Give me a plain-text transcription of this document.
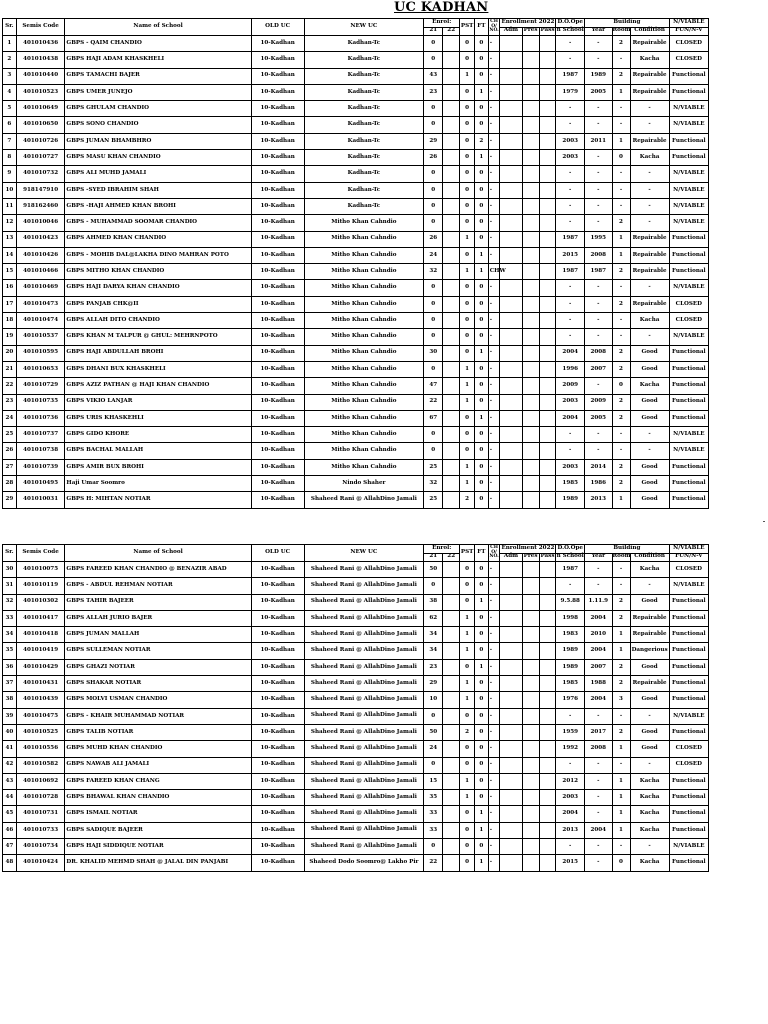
UC KADHAN
Sr.	Semis Code	Name of School	OLD UC	NEW UC	Enrol:		PST	FT	CH O/ NO.	Enrollment 2022			D.O.Ope	Building			N/VIABLE
					21	22				Adm	Pres	Pass	n School	Year	Room	Condition	FUN/N-V
1	401010436	GBPS - QAIM CHANDIO	10-Kadhan	Kadhan-Tc	0		0	0	-				-	-	2	Repairable	CLOSED
2	401010438	GBPS HAJI ADAM KHASKHELI	10-Kadhan	Kadhan-Tc	0		0	0	-				-	-	-	Kacha	CLOSED
3	401010440	GBPS TAMACHI BAJER	10-Kadhan	Kadhan-Tc	43		1	0	-				1987	1989	2	Repairable	Functional
4	401010523	GBPS UMER JUNEJO	10-Kadhan	Kadhan-Tc	23		0	1	-				1979	2005	1	Repairable	Functional
5	401010649	GBPS GHULAM CHANDIO	10-Kadhan	Kadhan-Tc	0		0	0	-				-	-	-	-	N/VIABLE
6	401010650	GBPS SONO CHANDIO	10-Kadhan	Kadhan-Tc	0		0	0	-				-	-	-	-	N/VIABLE
7	401010726	GBPS JUMAN BHAMBHRO	10-Kadhan	Kadhan-Tc	29		0	2	-				2003	2011	1	Repairable	Functional
8	401010727	GBPS MASU KHAN CHANDIO	10-Kadhan	Kadhan-Tc	26		0	1	-				2003	-	0	Kacha	Functional
9	401010732	GBPS ALI MUHD JAMALI	10-Kadhan	Kadhan-Tc	0		0	0	-				-	-	-	-	N/VIABLE
10	918147910	GBPS -SYED IBRAHIM SHAH	10-Kadhan	Kadhan-Tc	0		0	0	-				-	-	-	-	N/VIABLE
11	918162460	GBPS -HAJI AHMED KHAN BROHI	10-Kadhan	Kadhan-Tc	0		0	0	-				-	-	-	-	N/VIABLE
12	401010046	GBPS - MUHAMMAD SOOMAR CHANDIO	10-Kadhan	Mitho Khan Cahndio	0		0	0	-				-	-	2	-	N/VIABLE
13	401010423	GBPS AHMED KHAN CHANDIO	10-Kadhan	Mitho Khan Cahndio	26		1	0	-				1987	1995	1	Repairable	Functional
14	401010426	GBPS - MOHIB DAL@LAKHA DINO MAHRAN POTO	10-Kadhan	Mitho Khan Cahndio	24		0	1	-				2015	2008	1	Repairable	Functional
15	401010466	GBPS MITHO KHAN CHANDIO	10-Kadhan	Mitho Khan Cahndio	32		1	1	CHW				1987	1987	2	Repairable	Functional
16	401010469	GBPS HAJI DARYA KHAN CHANDIO	10-Kadhan	Mitho Khan Cahndio	0		0	0	-				-	-	-	-	N/VIABLE
17	401010473	GBPS PANJAB CHK@II	10-Kadhan	Mitho Khan Cahndio	0		0	0	-				-	-	2	Repairable	CLOSED
18	401010474	GBPS ALLAH DITO CHANDIO	10-Kadhan	Mitho Khan Cahndio	0		0	0	-				-	-	-	Kacha	CLOSED
19	401010537	GBPS KHAN M TALPUR @ GHUL: MEHRNPOTO	10-Kadhan	Mitho Khan Cahndio	0		0	0	-				-	-	-	-	N/VIABLE
20	401010595	GBPS HAJI ABDULLAH BROHI	10-Kadhan	Mitho Khan Cahndio	30		0	1	-				2004	2008	2	Good	Functional
21	401010653	GBPS DHANI BUX KHASKHELI	10-Kadhan	Mitho Khan Cahndio	0		1	0	-				1996	2007	2	Good	Functional
22	401010729	GBPS AZIZ PATHAN @ HAJI KHAN CHANDIO	10-Kadhan	Mitho Khan Cahndio	47		1	0	-				2009	-	0	Kacha	Functional
23	401010735	GBPS VIKIO LANJAR	10-Kadhan	Mitho Khan Cahndio	22		1	0	-				2003	2009	2	Good	Functional
24	401010736	GBPS URIS KHASKEHLI	10-Kadhan	Mitho Khan Cahndio	67		0	1	-				2004	2005	2	Good	Functional
25	401010737	GBPS GIDO KHORE	10-Kadhan	Mitho Khan Cahndio	0		0	0	-				-	-	-	-	N/VIABLE
26	401010738	GBPS BACHAL MALLAH	10-Kadhan	Mitho Khan Cahndio	0		0	0	-				-	-	-	-	N/VIABLE
27	401010739	GBPS AMIR BUX BROHI	10-Kadhan	Mitho Khan Cahndio	25		1	0	-				2003	2014	2	Good	Functional
28	401010495	Haji Umar Soomro	10-Kadhan	Nindo Shaher	32		1	0	-				1985	1986	2	Good	Functional
29	401010031	GBPS H: MIHTAN NOTIAR	10-Kadhan	Shaheed Rani @ AllahDino Jamali	25		2	0	-				1989	2013	1	Good	Functional
Sr.	Semis Code	Name of School	OLD UC	NEW UC	Enrol:		PST	FT	CH O/ NO.	Enrollment 2022			D.O.Ope	Building			N/VIABLE
					21	22				Adm	Pres	Pass	n School	Year	Room	Condition	FUN/N-V
30	401010075	GBPS FAREED KHAN CHANDIO @ BENAZIR ABAD	10-Kadhan	Shaheed Rani @ AllahDino Jamali	50		0	0	-				1987	-	-	Kacha	CLOSED
31	401010119	GBPS - ABDUL REHMAN NOTIAR	10-Kadhan	Shaheed Rani @ AllahDino Jamali	0		0	0	-				-	-	-	-	N/VIABLE
32	401010302	GBPS TAHIR BAJEER	10-Kadhan	Shaheed Rani @ AllahDino Jamali	38		0	1	-				9.5.88	1.11.9	2	Good	Functional
33	401010417	GBPS ALLAH JURIO BAJER	10-Kadhan	Shaheed Rani @ AllahDino Jamali	62		1	0	-				1998	2004	2	Repairable	Functional
34	401010418	GBPS JUMAN MALLAH	10-Kadhan	Shaheed Rani @ AllahDino Jamali	34		1	0	-				1983	2010	1	Repairable	Functional
35	401010419	GBPS SULLEMAN NOTIAR	10-Kadhan	Shaheed Rani @ AllahDino Jamali	34		1	0	-				1989	2004	1	Dangerious	Functional
36	401010429	GBPS GHAZI NOTIAR	10-Kadhan	Shaheed Rani @ AllahDino Jamali	23		0	1	-				1989	2007	2	Good	Functional
37	401010431	GBPS SHAKAR NOTIAR	10-Kadhan	Shaheed Rani @ AllahDino Jamali	29		1	0	-				1985	1988	2	Repairable	Functional
38	401010439	GBPS MOLVI USMAN CHANDIO	10-Kadhan	Shaheed Rani @ AllahDino Jamali	10		1	0	-				1976	2004	3	Good	Functional
39	401010475	GBPS - KHAIR MUHAMMAD NOTIAR	10-Kadhan	Shaheed Rani @ AllahDino Jamali	0		0	0	-				-	-	-	-	N/VIABLE
40	401010525	GBPS TALIB NOTIAR	10-Kadhan	Shaheed Rani @ AllahDino Jamali	50		2	0	-				1959	2017	2	Good	Functional
41	401010556	GBPS MUHD KHAN CHANDIO	10-Kadhan	Shaheed Rani @ AllahDino Jamali	24		0	0	-				1992	2008	1	Good	CLOSED
42	401010582	GBPS NAWAB ALI JAMALI	10-Kadhan	Shaheed Rani @ AllahDino Jamali	0		0	0	-				-	-	-	-	CLOSED
43	401010692	GBPS FAREED KHAN CHANG	10-Kadhan	Shaheed Rani @ AllahDino Jamali	15		1	0	-				2012	-	1	Kacha	Functional
44	401010728	GBPS BHAWAL KHAN CHANDIO	10-Kadhan	Shaheed Rani @ AllahDino Jamali	35		1	0	-				2003	-	1	Kacha	Functional
45	401010731	GBPS ISMAIL NOTIAR	10-Kadhan	Shaheed Rani @ AllahDino Jamali	33		0	1	-				2004	-	1	Kacha	Functional
46	401010733	GBPS SADIQUE BAJEER	10-Kadhan	Shaheed Rani @ AllahDino Jamali	33		0	1	-				2013	2004	1	Kacha	Functional
47	401010734	GBPS HAJI SIDDIQUE NOTIAR	10-Kadhan	Shaheed Rani @ AllahDino Jamali	0		0	0	-				-	-	-	-	N/VIABLE
48	401010424	DR. KHALID MEHMD SHAH @ JALAL DIN PANJABI	10-Kadhan	Shaheed Dodo Soomro@ Lakho Pir	22		0	1	-				2015	-	0	Kacha	Functional
